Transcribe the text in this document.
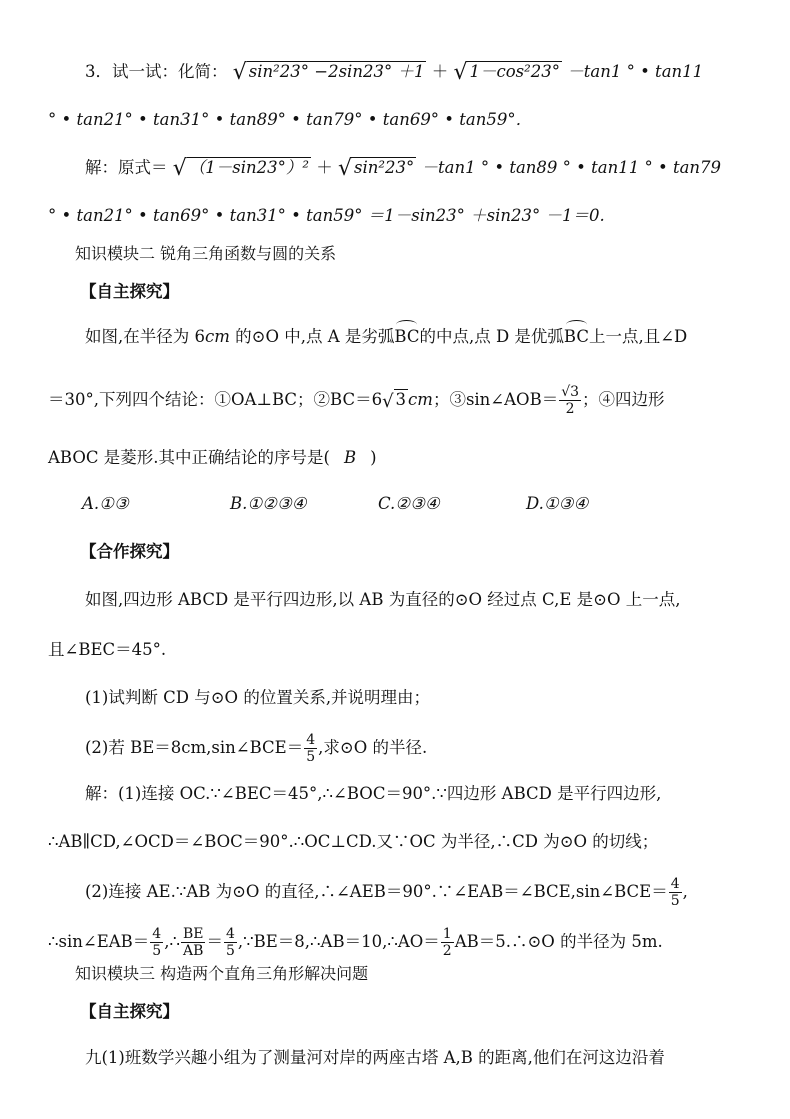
3．试一试：化简： √ sin²23° −2sin23° ＋1 ＋ √ 1－cos²23° －tan1 ° • tan11
° • tan21° • tan31° • tan89° • tan79° • tan69° • tan59°．
解：原式＝ √ （1－sin23°）² ＋ √ sin²23° －tan1 ° • tan89 ° • tan11 ° • tan79
° • tan21° • tan69° • tan31° • tan59° ＝1－sin23° ＋sin23° －1＝0.
知识模块二 锐角三角函数与圆的关系
【自主探究】
如图,在半径为 6cm 的⊙O 中,点 A 是劣弧BC的中点,点 D 是优弧BC上一点,且∠D
＝30°,下列四个结论：①OA⊥BC；②BC＝6√ 3 cm；③sin∠AOB＝ $\frac{√3}{2}$ ；④四边形
ABOC 是菱形.其中正确结论的序号是( B )
A.①③	B.①②③④	C.②③④	D.①③④
【合作探究】
如图,四边形 ABCD 是平行四边形,以 AB 为直径的⊙O 经过点 C,E 是⊙O 上一点,
且∠BEC＝45°.
(1)试判断 CD 与⊙O 的位置关系,并说明理由；
(2)若 BE＝8cm,sin∠BCE＝ $\frac{4}{5}$ ,求⊙O 的半径.
解：(1)连接 OC.∵∠BEC＝45°,∴∠BOC＝90°.∵四边形 ABCD 是平行四边形,
∴AB∥CD,∠OCD＝∠BOC＝90°.∴OC⊥CD.又∵OC 为半径,∴CD 为⊙O 的切线；
(2)连接 AE.∵AB 为⊙O 的直径,∴∠AEB＝90°.∵∠EAB＝∠BCE,sin∠BCE＝ $\frac{4}{5}$ ,
∴sin∠EAB＝ $\frac{4}{5}$ ,∴ $\frac{BE}{AB} = \frac{4}{5}$ ,∵BE＝8,∴AB＝10,∴AO＝ $\frac{1}{2}$ AB＝5.∴⊙O 的半径为 5m.
知识模块三 构造两个直角三角形解决问题
【自主探究】
九(1)班数学兴趣小组为了测量河对岸的两座古塔 A,B 的距离,他们在河这边沿着
